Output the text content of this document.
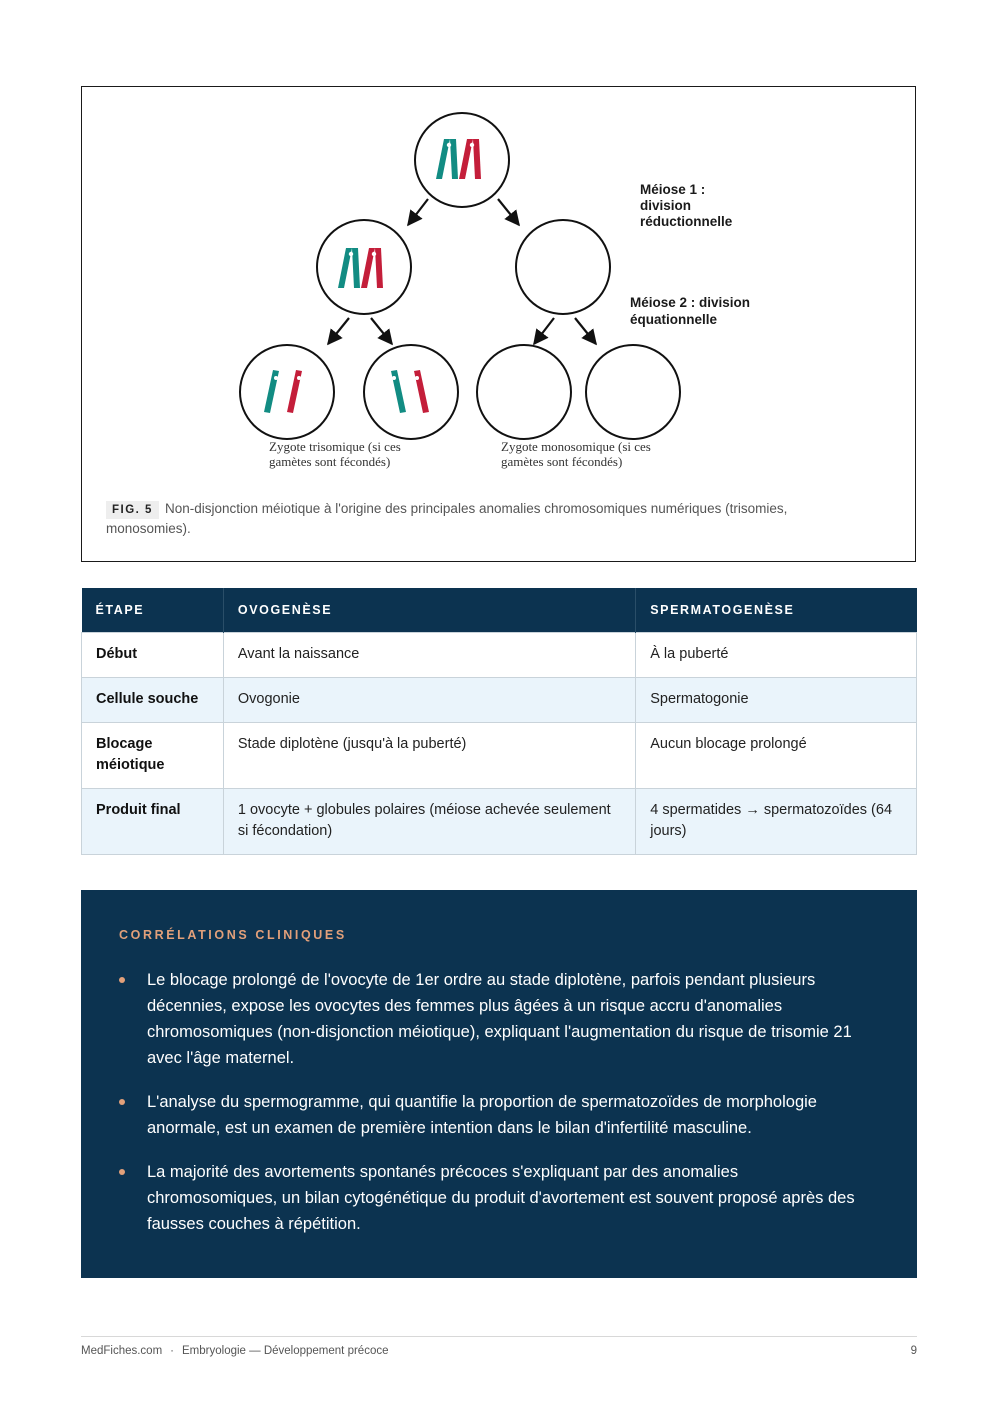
Méiose 1 : division réductionnelle
Méiose 2 : division équationnelle
Zygote trisomique (si ces gamètes sont fécondés)
Zygote monosomique (si ces gamètes sont fécondés)
FIG. 5 Non-disjonction méiotique à l'origine des principales anomalies chromosomiques numériques (trisomies, monosomies).
ÉTAPE	OVOGENÈSE	SPERMATOGENÈSE
Début	Avant la naissance	À la puberté
Cellule souche	Ovogonie	Spermatogonie
Blocage méiotique	Stade diplotène (jusqu'à la puberté)	Aucun blocage prolongé
Produit final	1 ovocyte + globules polaires (méiose achevée seulement si fécondation)	4 spermatides → spermatozoïdes (64 jours)
CORRÉLATIONS CLINIQUES
Le blocage prolongé de l'ovocyte de 1er ordre au stade diplotène, parfois pendant plusieurs décennies, expose les ovocytes des femmes plus âgées à un risque accru d'anomalies chromosomiques (non-disjonction méiotique), expliquant l'augmentation du risque de trisomie 21 avec l'âge maternel.
L'analyse du spermogramme, qui quantifie la proportion de spermatozoïdes de morphologie anormale, est un examen de première intention dans le bilan d'infertilité masculine.
La majorité des avortements spontanés précoces s'expliquant par des anomalies chromosomiques, un bilan cytogénétique du produit d'avortement est souvent proposé après des fausses couches à répétition.
MedFiches.com · Embryologie — Développement précoce	9
